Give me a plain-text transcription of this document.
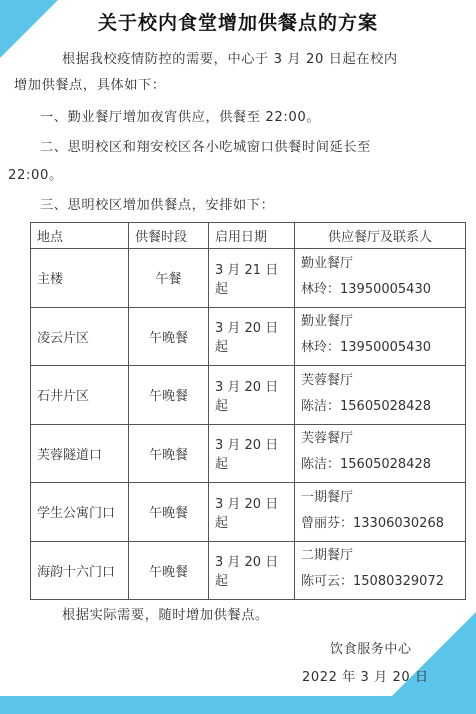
关于校内食堂增加供餐点的方案
根据我校疫情防控的需要，中心于 3 月 20 日起在校内
增加供餐点，具体如下：
一、勤业餐厅增加夜宵供应，供餐至 22:00。
二、思明校区和翔安校区各小吃城窗口供餐时间延长至
22:00。
三、思明校区增加供餐点，安排如下：
地点	供餐时段	启用日期	供应餐厅及联系人
主楼	午餐	3 月 21 日起	勤业餐厅
林玲：13950005430

凌云片区	午晚餐	3 月 20 日起	勤业餐厅
林玲：13950005430

石井片区	午晚餐	3 月 20 日起	芙蓉餐厅
陈洁：15605028428

芙蓉隧道口	午晚餐	3 月 20 日起	芙蓉餐厅
陈洁：15605028428

学生公寓门口	午晚餐	3 月 20 日起	一期餐厅
曾丽芬：13306030268

海韵十六门口	午晚餐	3 月 20 日起	二期餐厅
陈可云：15080329072
根据实际需要，随时增加供餐点。
饮食服务中心
2022 年 3 月 20 日
